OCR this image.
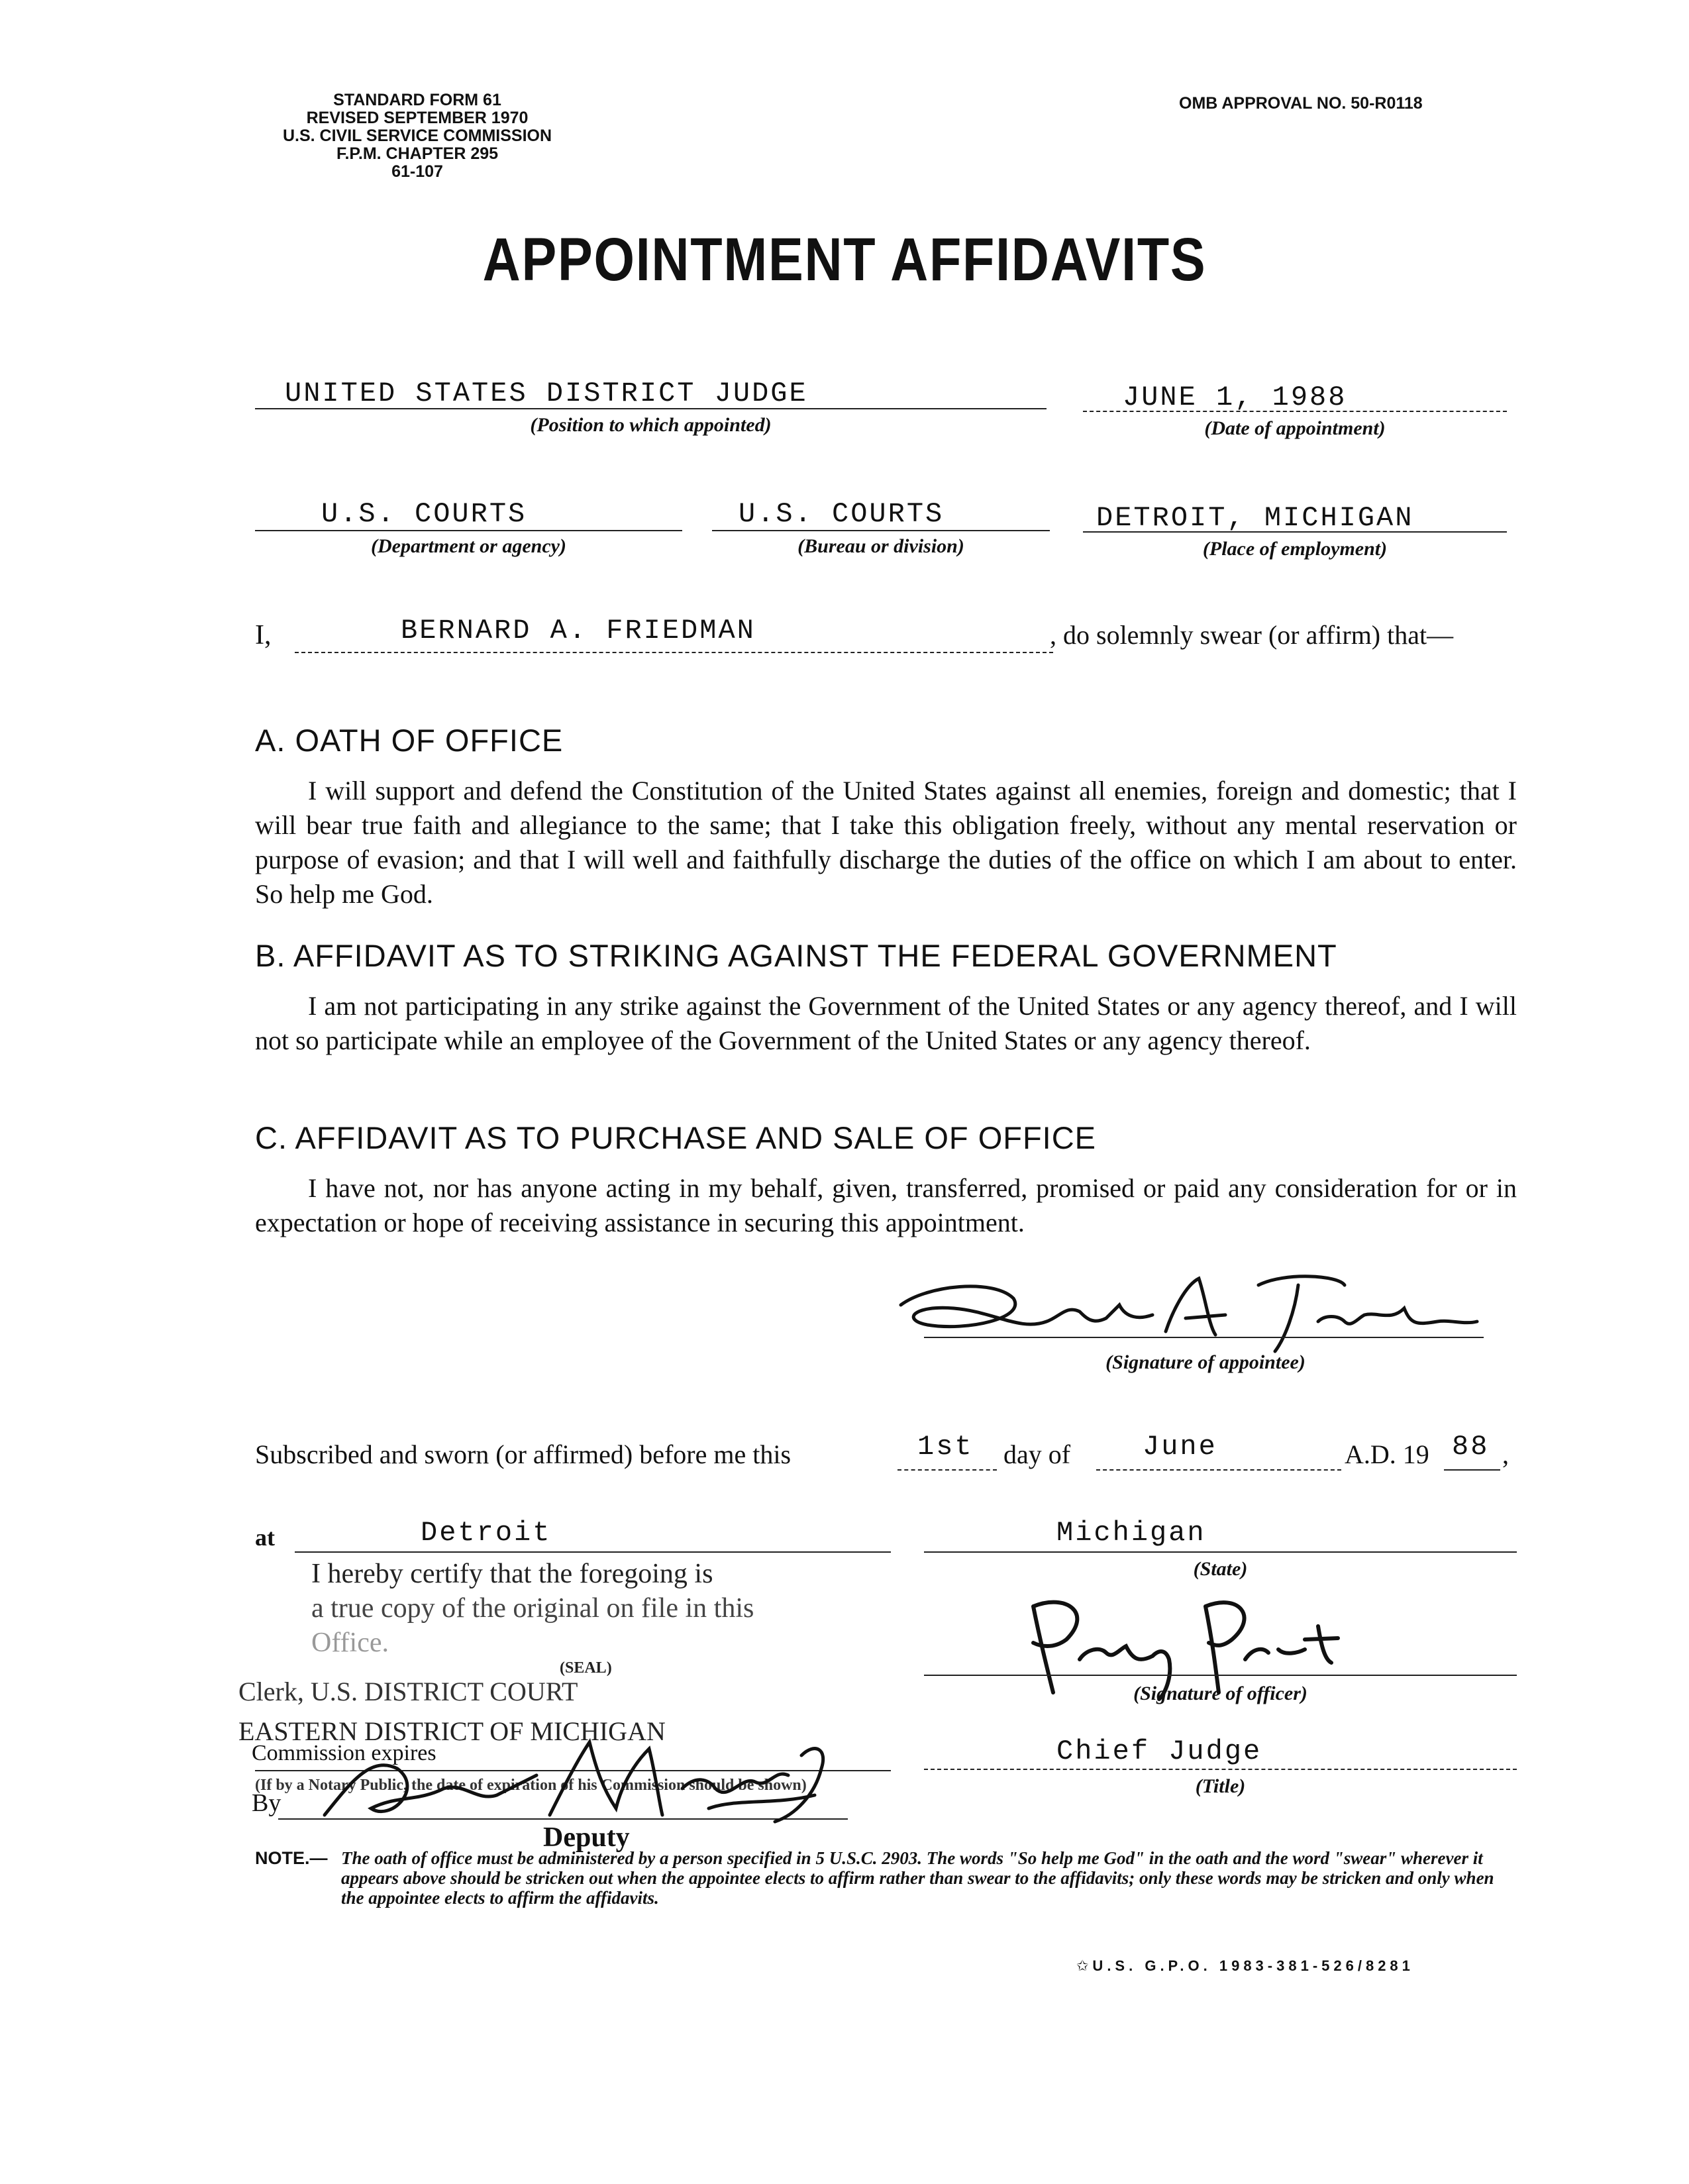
STANDARD FORM 61
REVISED SEPTEMBER 1970
U.S. CIVIL SERVICE COMMISSION
F.P.M. CHAPTER 295
61-107
OMB APPROVAL NO. 50-R0118
APPOINTMENT AFFIDAVITS
UNITED STATES DISTRICT JUDGE
(Position to which appointed)
JUNE 1, 1988
(Date of appointment)
U.S. COURTS
(Department or agency)
U.S. COURTS
(Bureau or division)
DETROIT, MICHIGAN
(Place of employment)
I,	BERNARD A. FRIEDMAN	, do solemnly swear (or affirm) that—
A. OATH OF OFFICE
I will support and defend the Constitution of the United States against all enemies, foreign and domestic; that I will bear true faith and allegiance to the same; that I take this obligation freely, without any mental reservation or purpose of evasion; and that I will well and faithfully discharge the duties of the office on which I am about to enter. So help me God.
B. AFFIDAVIT AS TO STRIKING AGAINST THE FEDERAL GOVERNMENT
I am not participating in any strike against the Government of the United States or any agency thereof, and I will not so participate while an employee of the Government of the United States or any agency thereof.
C. AFFIDAVIT AS TO PURCHASE AND SALE OF OFFICE
I have not, nor has anyone acting in my behalf, given, transferred, promised or paid any consideration for or in expectation or hope of receiving assistance in securing this appointment.
(Signature of appointee)
Subscribed and sworn (or affirmed) before me this	1st day of	June	A.D. 19 88 ,
at	Detroit	Michigan
(State)
I hereby certify that the foregoing is
a true copy of the original on file in this
Office.
Clerk, U.S. DISTRICT COURT
(SEAL)
EASTERN DISTRICT OF MICHIGAN
Commission expires
(If by a Notary Public, the date of expiration of his Commission should be shown)
By
Deputy
(Signature of officer)
Chief Judge
(Title)
NOTE.— The oath of office must be administered by a person specified in 5 U.S.C. 2903. The words "So help me God" in the oath and the word "swear" wherever it appears above should be stricken out when the appointee elects to affirm rather than swear to the affidavits; only these words may be stricken and only when the appointee elects to affirm the affidavits.
✩U.S. G.P.O. 1983-381-526/8281
